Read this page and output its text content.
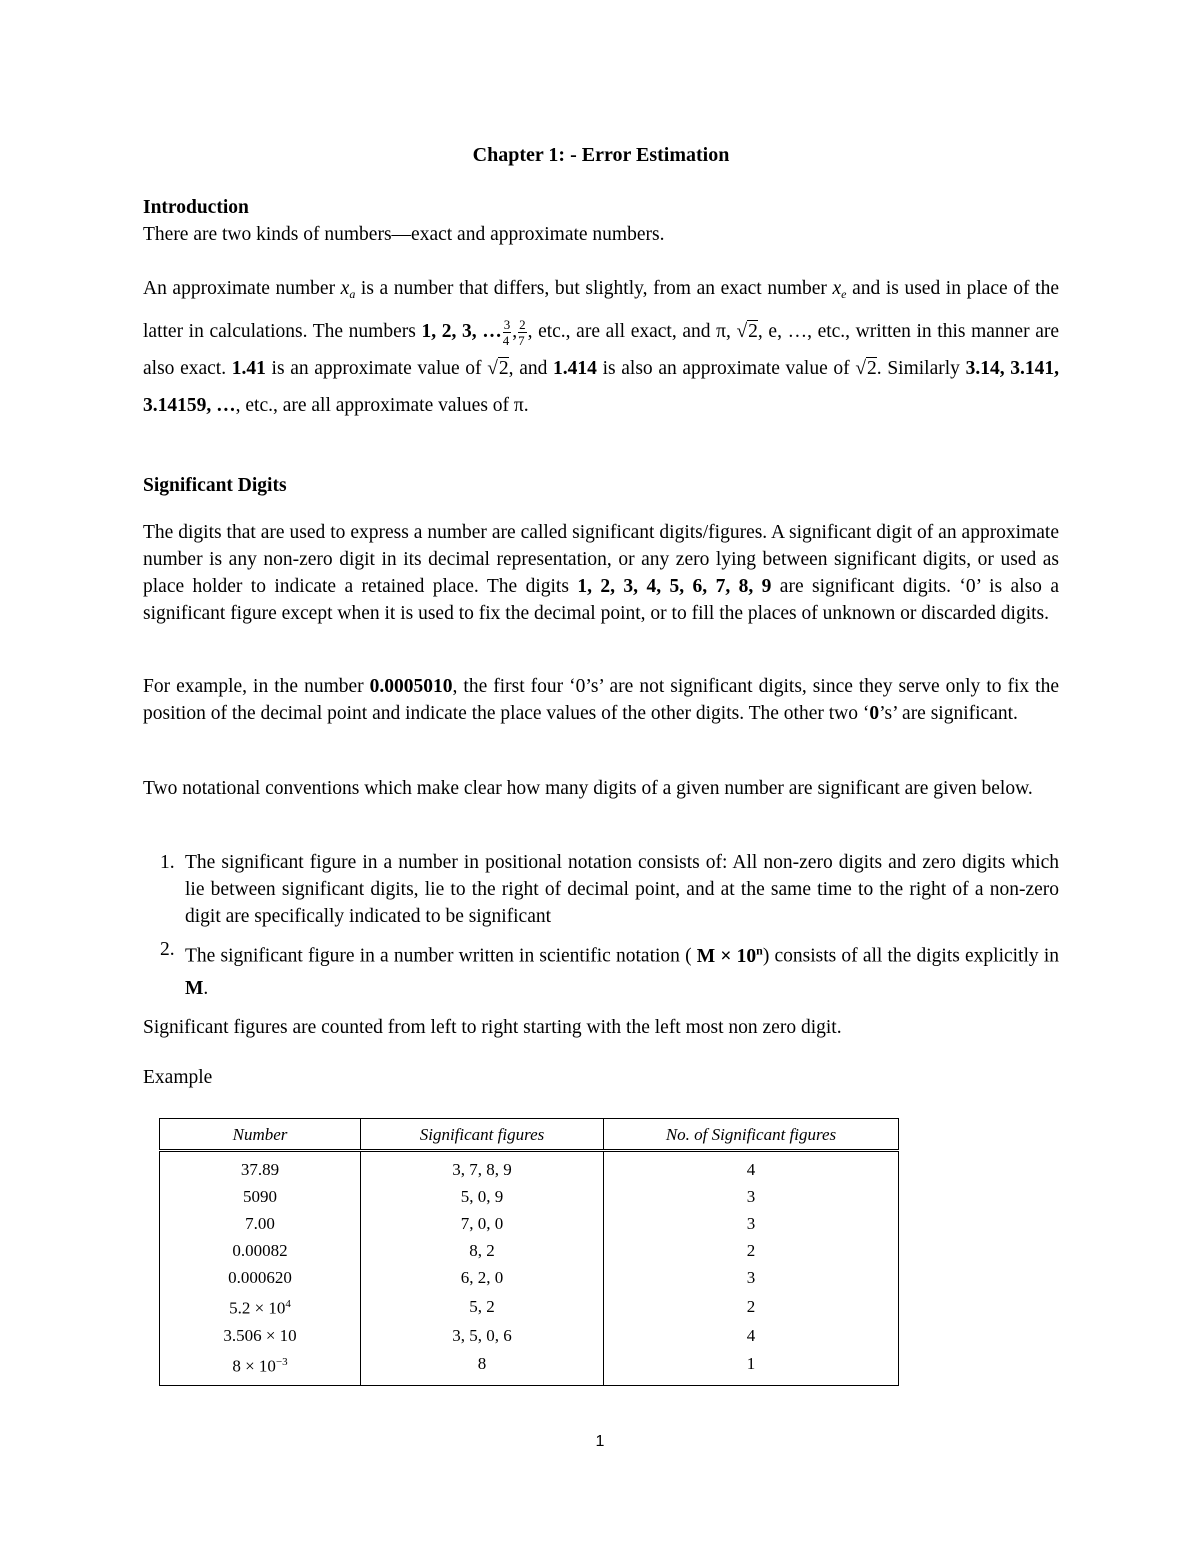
Chapter 1: - Error Estimation
Introduction

There are two kinds of numbers—exact and approximate numbers.

An approximate number $x_a$ is a number that differs, but slightly, from an exact number $x_e$ and is used in place of the latter in calculations. The numbers 1, 2, 3, … $\frac{3}{4}$ , $\frac{2}{7}$ , etc., are all exact, and π, √2, e, …, etc., written in this manner are also exact. 1.41 is an approximate value of √2, and 1.414 is also an approximate value of √2. Similarly 3.14, 3.141, 3.14159, …, etc., are all approximate values of π.

Significant Digits

The digits that are used to express a number are called significant digits/figures. A significant digit of an approximate number is any non-zero digit in its decimal representation, or any zero lying between significant digits, or used as place holder to indicate a retained place. The digits 1, 2, 3, 4, 5, 6, 7, 8, 9 are significant digits. ‘0’ is also a significant figure except when it is used to fix the decimal point, or to fill the places of unknown or discarded digits.

For example, in the number 0.0005010, the first four ‘0’s’ are not significant digits, since they serve only to fix the position of the decimal point and indicate the place values of the other digits. The other two ‘0’s’ are significant.

Two notational conventions which make clear how many digits of a given number are significant are given below.

1. The significant figure in a number in positional notation consists of: All non-zero digits and zero digits which lie between significant digits, lie to the right of decimal point, and at the same time to the right of a non-zero digit are specifically indicated to be significant
2. The significant figure in a number written in scientific notation ( $M \times 10^n$) consists of all the digits explicitly in M.

Significant figures are counted from left to right starting with the left most non zero digit.

Example

Number	Significant figures	No. of Significant figures
37.89	3, 7, 8, 9	4
5090	5, 0, 9	3
7.00	7, 0, 0	3
0.00082	8, 2	2
0.000620	6, 2, 0	3
$5.2 \times 10^4$	5, 2	2
3.506 × 10	3, 5, 0, 6	4
$8 \times 10^{-3}$	8	1
1
